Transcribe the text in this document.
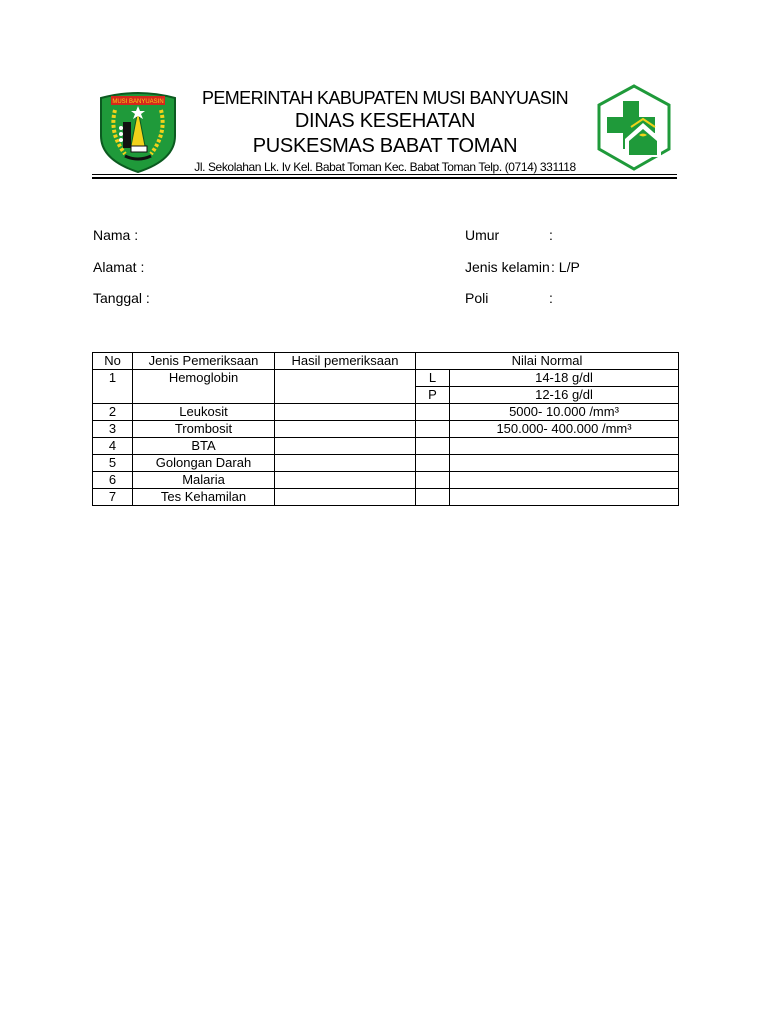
MUSI BANYUASIN	PEMERINTAH KABUPATEN MUSI BANYUASIN
DINAS KESEHATAN
PUSKESMAS BABAT TOMAN
Jl. Sekolahan Lk. Iv Kel. Babat Toman Kec. Babat Toman Telp. (0714) 331118
Nama :
Alamat :
Tanggal :
Umur	:
Jenis kelamin : L/P
Poli	:
No	Jenis Pemeriksaan	Hasil pemeriksaan	Nilai Normal	
1	Hemoglobin		L	14-18 g/dl
			P	12-16 g/dl
2	Leukosit			5000- 10.000 /mm³
3	Trombosit			150.000- 400.000 /mm³
4	BTA			
5	Golongan Darah			
6	Malaria			
7	Tes Kehamilan			
